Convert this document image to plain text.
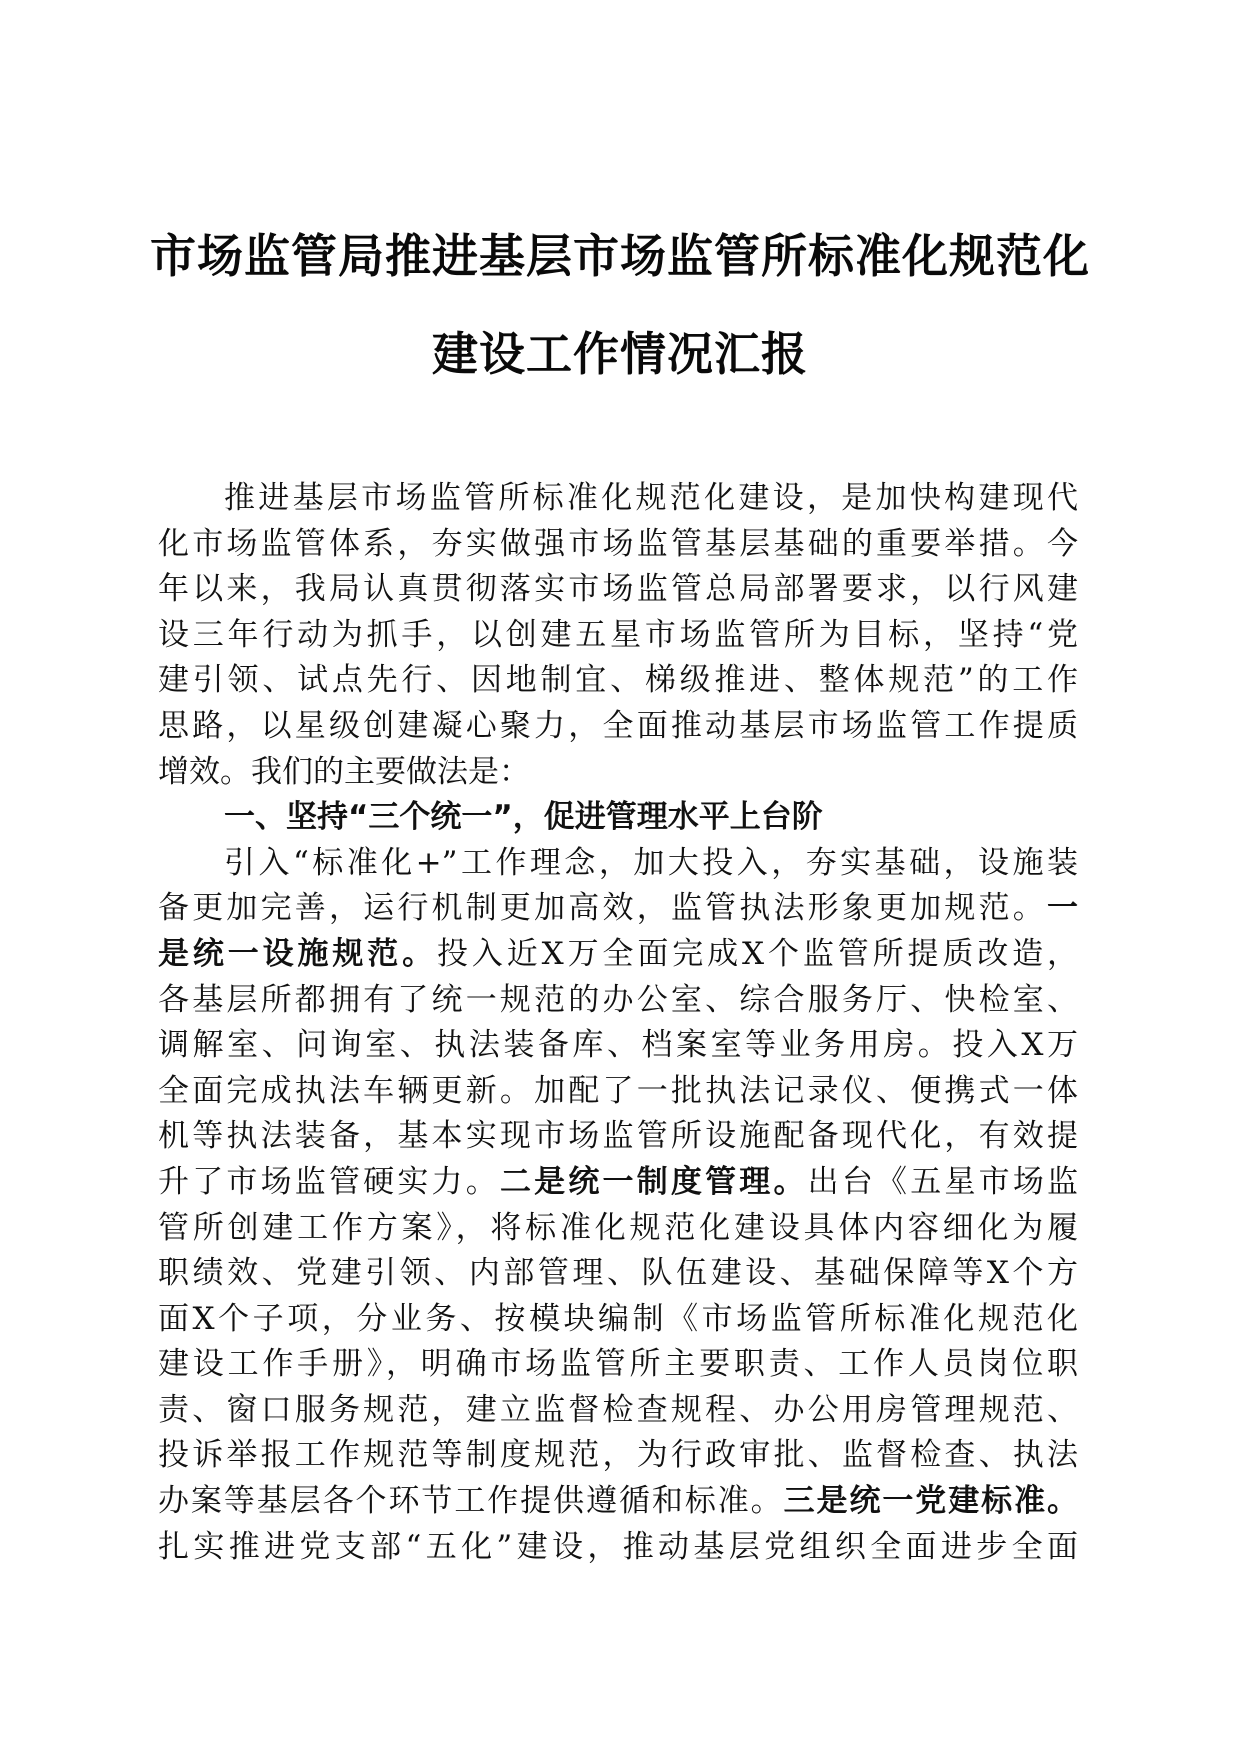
市场监管局推进基层市场监管所标准化规范化
建设工作情况汇报
推进基层市场监管所标准化规范化建设，是加快构建现代
化市场监管体系，夯实做强市场监管基层基础的重要举措。今
年以来，我局认真贯彻落实市场监管总局部署要求，以行风建
设三年行动为抓手，以创建五星市场监管所为目标，坚持“党
建引领、试点先行、因地制宜、梯级推进、整体规范”的工作
思路，以星级创建凝心聚力，全面推动基层市场监管工作提质
增效。我们的主要做法是：
一、坚持“三个统一”，促进管理水平上台阶
引入“标准化+”工作理念，加大投入，夯实基础，设施装
备更加完善，运行机制更加高效，监管执法形象更加规范。一
是统一设施规范。投入近X万全面完成X个监管所提质改造，
各基层所都拥有了统一规范的办公室、综合服务厅、快检室、
调解室、问询室、执法装备库、档案室等业务用房。投入X万
全面完成执法车辆更新。加配了一批执法记录仪、便携式一体
机等执法装备，基本实现市场监管所设施配备现代化，有效提
升了市场监管硬实力。二是统一制度管理。出台《五星市场监
管所创建工作方案》，将标准化规范化建设具体内容细化为履
职绩效、党建引领、内部管理、队伍建设、基础保障等X个方
面X个子项，分业务、按模块编制《市场监管所标准化规范化
建设工作手册》，明确市场监管所主要职责、工作人员岗位职
责、窗口服务规范，建立监督检查规程、办公用房管理规范、
投诉举报工作规范等制度规范，为行政审批、监督检查、执法
办案等基层各个环节工作提供遵循和标准。三是统一党建标准。
扎实推进党支部“五化”建设，推动基层党组织全面进步全面
